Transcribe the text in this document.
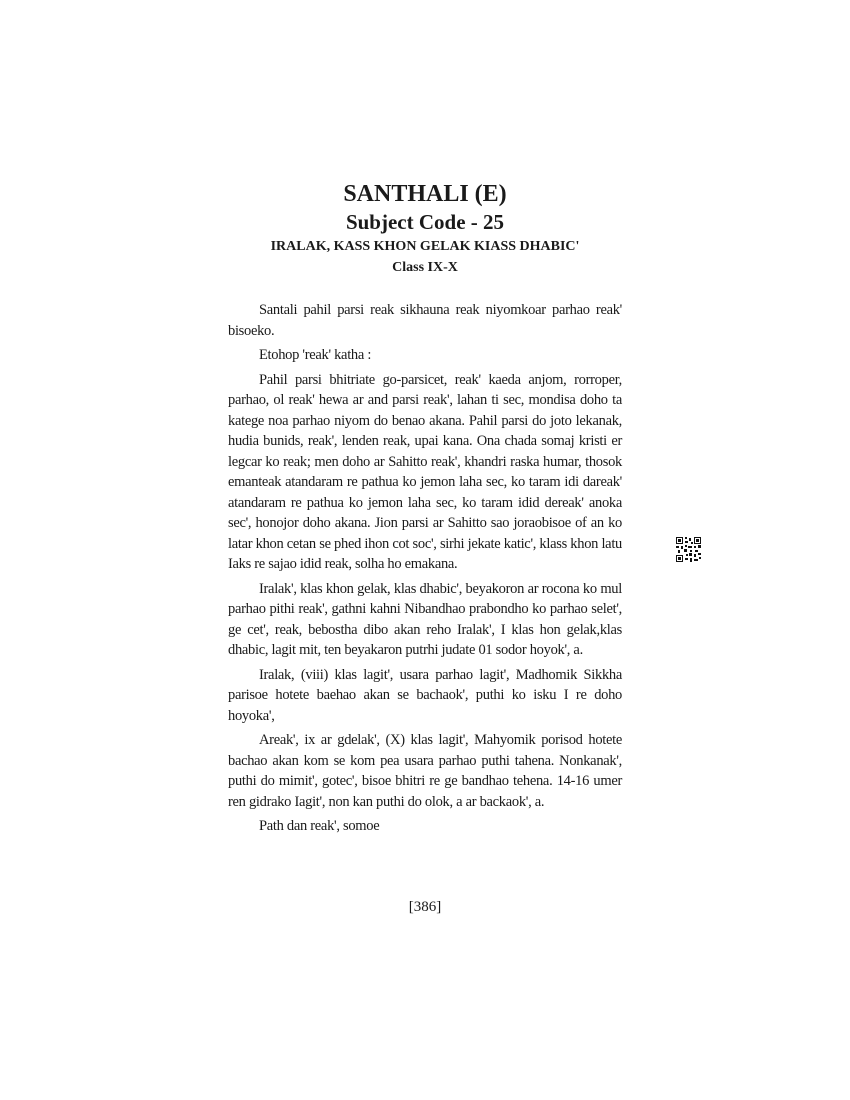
SANTHALI (E)
Subject Code - 25
IRALAK, KASS KHON GELAK KIASS DHABIC'
Class IX-X

Santali pahil parsi reak sikhauna reak niyomkoar parhao reak' bisoeko.

Etohop 'reak' katha :

Pahil parsi bhitriate go-parsicet, reak' kaeda anjom, rorroper, parhao, ol reak' hewa ar and parsi reak', lahan ti sec, mondisa doho ta katege noa parhao niyom do benao akana. Pahil parsi do joto lekanak, hudia bunids, reak', lenden reak, upai kana. Ona chada somaj kristi er legcar ko reak; men doho ar Sahitto reak', khandri raska humar, thosok emanteak atandaram re pathua ko jemon laha sec, ko taram idi dareak' atandaram re pathua ko jemon laha sec, ko taram idid dereak' anoka sec', honojor doho akana. Jion parsi ar Sahitto sao joraobisoe of an ko latar khon cetan se phed ihon cot soc', sirhi jekate katic', klass khon latu Iaks re sajao idid reak, solha ho emakana.

Iralak', klas khon gelak, klas dhabic', beyakoron ar rocona ko mul parhao pithi reak', gathni kahni Nibandhao prabondho ko parhao selet', ge cet', reak, bebostha dibo akan reho Iralak', I klas hon gelak,klas dhabic, lagit mit, ten beyakaron putrhi judate 01 sodor hoyok', a.

Iralak, (viii) klas lagit', usara parhao lagit', Madhomik Sikkha parisoe hotete baehao akan se bachaok', puthi ko isku I re doho hoyoka',

Areak', ix ar gdelak', (X) klas lagit', Mahyomik porisod hotete bachao akan kom se kom pea usara parhao puthi tahena. Nonkanak', puthi do mimit', gotec', bisoe bhitri re ge bandhao tehena. 14-16 umer ren gidrako Iagit', non kan puthi do olok, a ar backaok', a.

Path dan reak', somoe

[386]
